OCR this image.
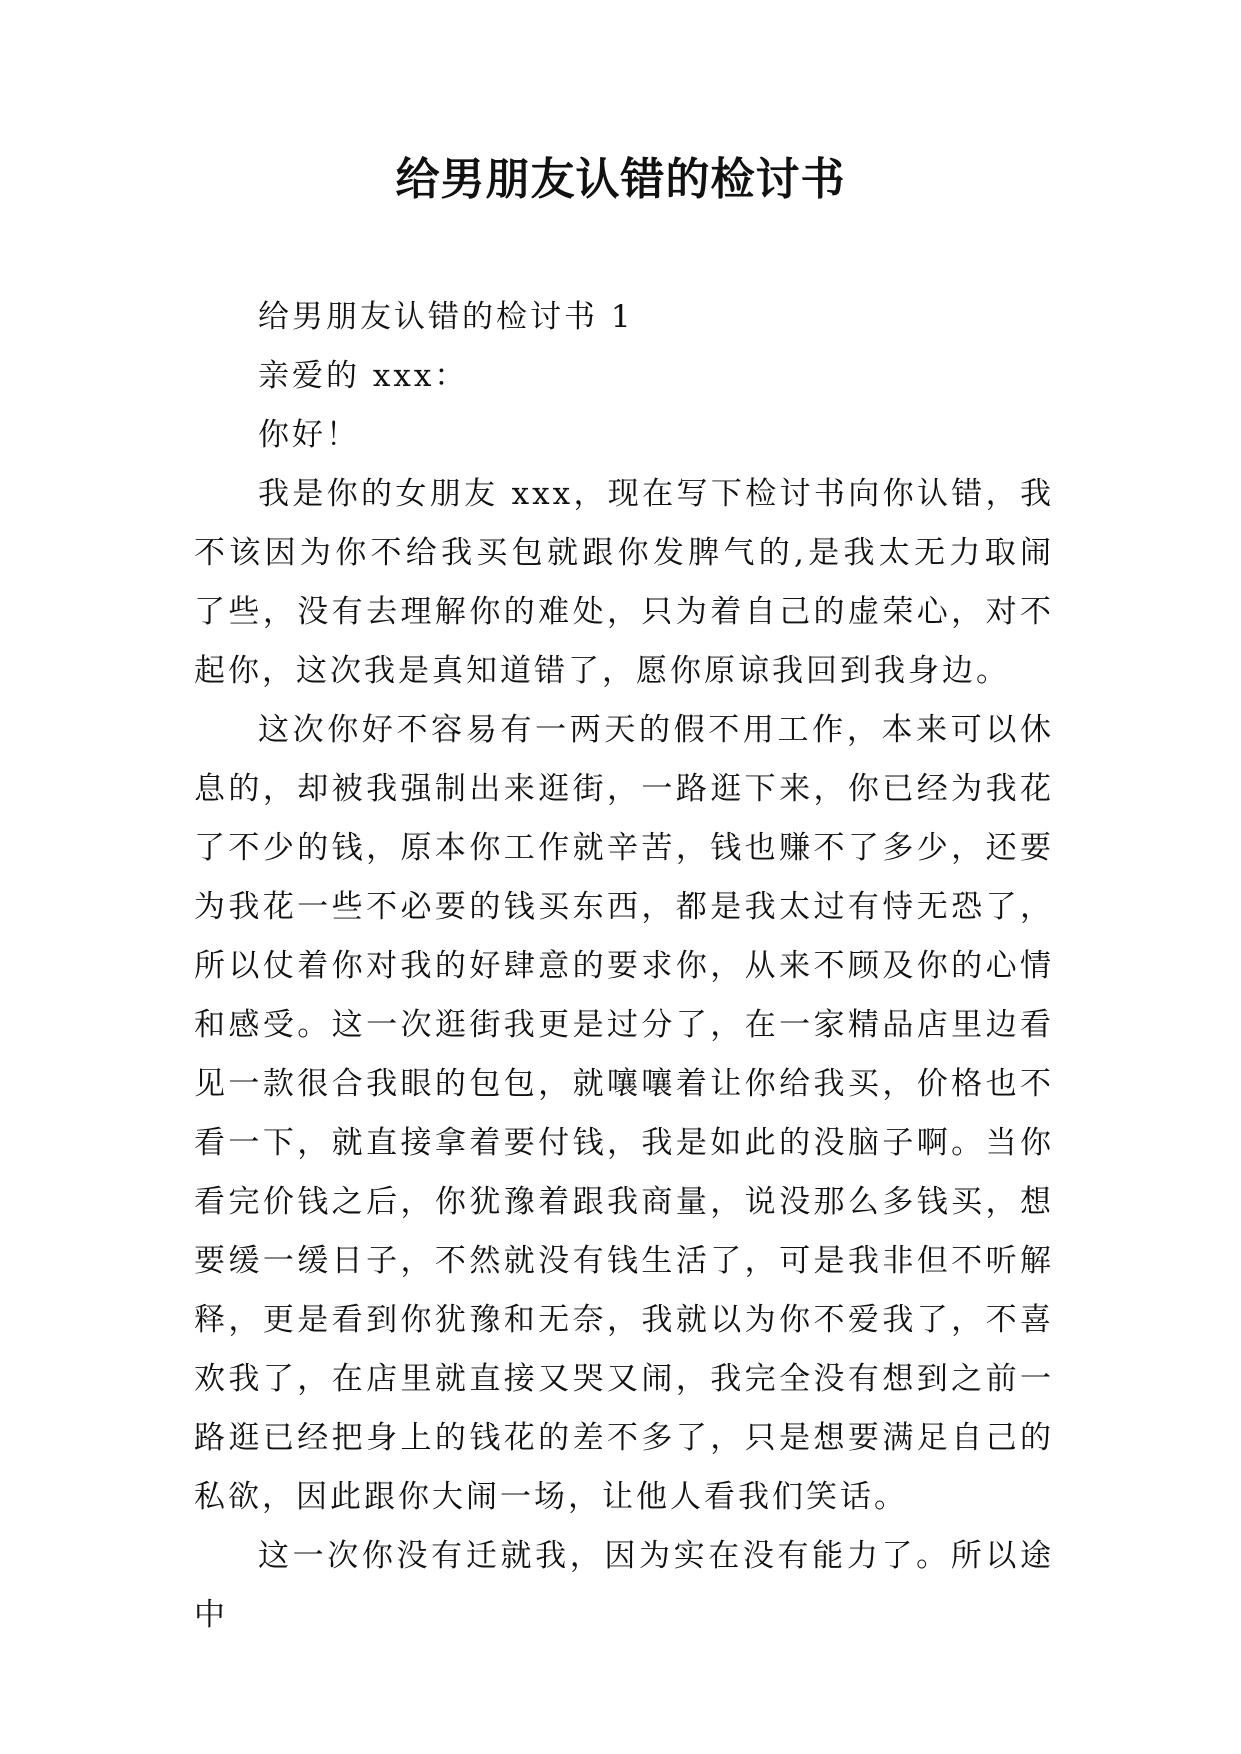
给男朋友认错的检讨书

给男朋友认错的检讨书 1

亲爱的 xxx：

你好！

我是你的女朋友 xxx，现在写下检讨书向你认错，我不该因为你不给我买包就跟你发脾气的,是我太无力取闹了些，没有去理解你的难处，只为着自己的虚荣心，对不起你，这次我是真知道错了，愿你原谅我回到我身边。

这次你好不容易有一两天的假不用工作，本来可以休息的，却被我强制出来逛街，一路逛下来，你已经为我花了不少的钱，原本你工作就辛苦，钱也赚不了多少，还要为我花一些不必要的钱买东西，都是我太过有恃无恐了，所以仗着你对我的好肆意的要求你，从来不顾及你的心情和感受。这一次逛街我更是过分了，在一家精品店里边看见一款很合我眼的包包，就嚷嚷着让你给我买，价格也不看一下，就直接拿着要付钱，我是如此的没脑子啊。当你看完价钱之后，你犹豫着跟我商量，说没那么多钱买，想要缓一缓日子，不然就没有钱生活了，可是我非但不听解释，更是看到你犹豫和无奈，我就以为你不爱我了，不喜欢我了，在店里就直接又哭又闹，我完全没有想到之前一路逛已经把身上的钱花的差不多了，只是想要满足自己的私欲，因此跟你大闹一场，让他人看我们笑话。

这一次你没有迁就我，因为实在没有能力了。所以途中
